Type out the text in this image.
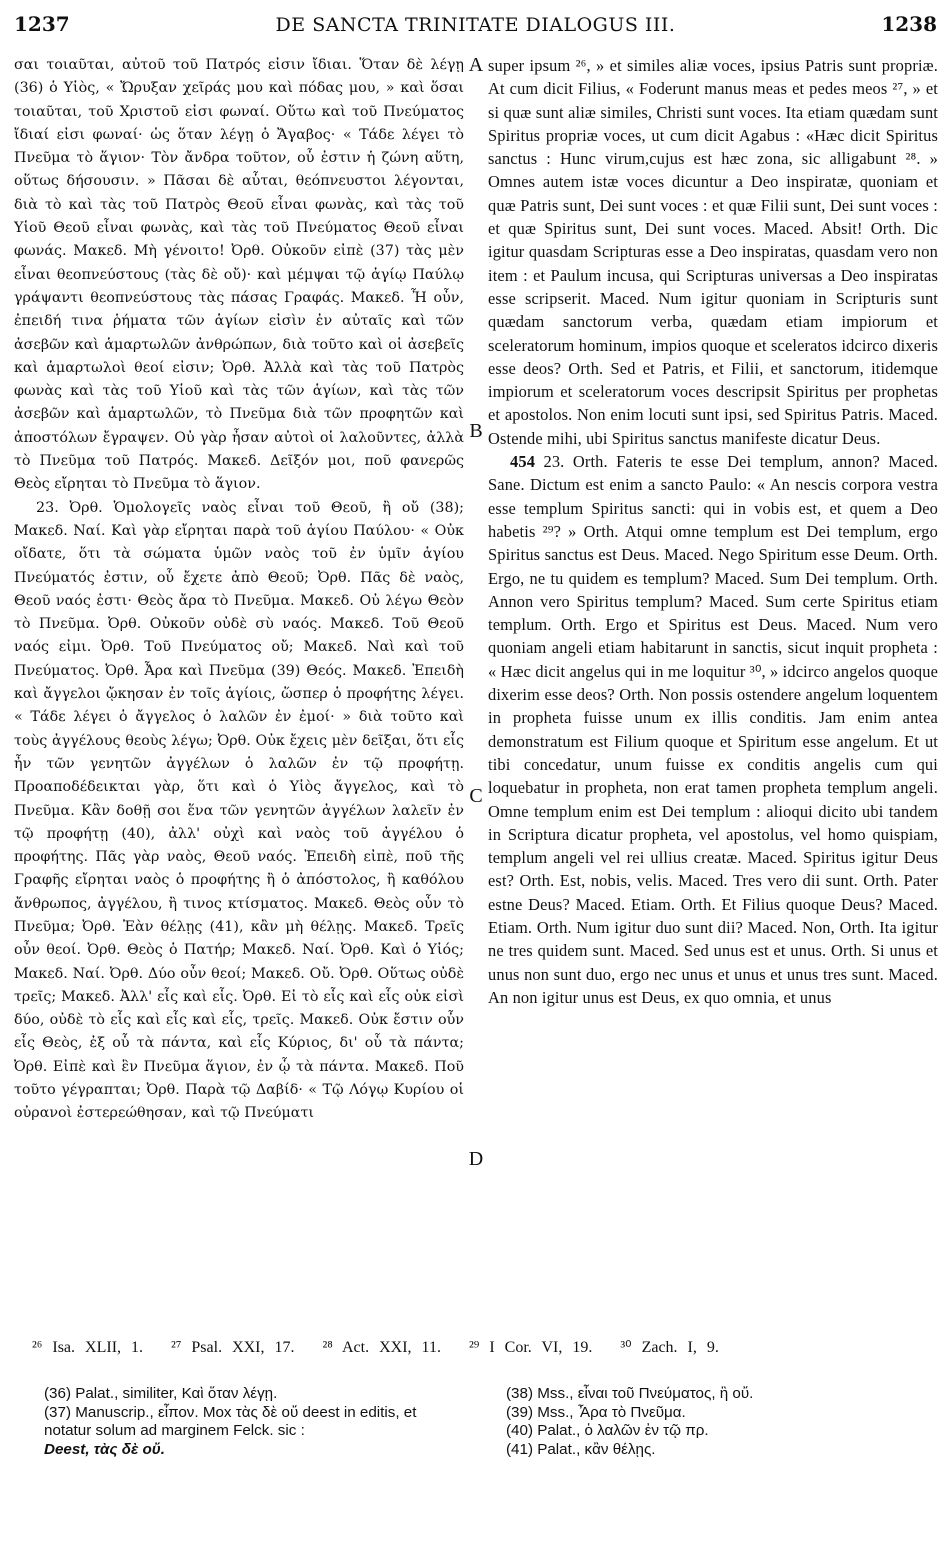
1237	DE SANCTA TRINITATE DIALOGUS III.	1238

σαι τοιαῦται, αὐτοῦ τοῦ Πατρός εἰσιν ἴδιαι. Ὅταν δὲ λέγῃ (36) ὁ Υἱὸς, « Ὤρυξαν χεῖράς μου καὶ πόδας μου, » καὶ ὅσαι τοιαῦται, τοῦ Χριστοῦ εἰσι φωναί. Οὕτω καὶ τοῦ Πνεύματος ἴδιαί εἰσι φωναί· ὡς ὅταν λέγῃ ὁ Ἄγαβος· « Τάδε λέγει τὸ Πνεῦμα τὸ ἅγιον· Τὸν ἄνδρα τοῦτον, οὗ ἐστιν ἡ ζώνη αὕτη, οὕτως δήσουσιν. » Πᾶσαι δὲ αὗται, θεόπνευστοι λέγονται, διὰ τὸ καὶ τὰς τοῦ Πατρὸς Θεοῦ εἶναι φωνὰς, καὶ τὰς τοῦ Υἱοῦ Θεοῦ εἶναι φωνὰς, καὶ τὰς τοῦ Πνεύματος Θεοῦ εἶναι φωνάς. Μακεδ. Μὴ γένοιτο! Ὀρθ. Οὐκοῦν εἰπὲ (37) τὰς μὲν εἶναι θεοπνεύστους (τὰς δὲ οὔ)· καὶ μέμψαι τῷ ἁγίῳ Παύλῳ γράψαντι θεοπνεύστους τὰς πάσας Γραφάς. Μακεδ. Ἦ οὖν, ἐπειδή τινα ῥήματα τῶν ἁγίων εἰσὶν ἐν αὐταῖς καὶ τῶν ἀσεβῶν καὶ ἁμαρτωλῶν ἀνθρώπων, διὰ τοῦτο καὶ οἱ ἀσεβεῖς καὶ ἁμαρτωλοὶ θεοί εἰσιν; Ὀρθ. Ἀλλὰ καὶ τὰς τοῦ Πατρὸς φωνὰς καὶ τὰς τοῦ Υἱοῦ καὶ τὰς τῶν ἁγίων, καὶ τὰς τῶν ἀσεβῶν καὶ ἁμαρτωλῶν, τὸ Πνεῦμα διὰ τῶν προφητῶν καὶ ἀποστόλων ἔγραψεν. Οὐ γὰρ ἦσαν αὐτοὶ οἱ λαλοῦντες, ἀλλὰ τὸ Πνεῦμα τοῦ Πατρός. Μακεδ. Δεῖξόν μοι, ποῦ φανερῶς Θεὸς εἴρηται τὸ Πνεῦμα τὸ ἅγιον.

23. Ὀρθ. Ὁμολογεῖς ναὸς εἶναι τοῦ Θεοῦ, ἢ οὔ (38); Μακεδ. Ναί. Καὶ γὰρ εἴρηται παρὰ τοῦ ἁγίου Παύλου· « Οὐκ οἴδατε, ὅτι τὰ σώματα ὑμῶν ναὸς τοῦ ἐν ὑμῖν ἁγίου Πνεύματός ἐστιν, οὗ ἔχετε ἀπὸ Θεοῦ; Ὀρθ. Πᾶς δὲ ναὸς, Θεοῦ ναός ἐστι· Θεὸς ἄρα τὸ Πνεῦμα. Μακεδ. Οὐ λέγω Θεὸν τὸ Πνεῦμα. Ὀρθ. Οὐκοῦν οὐδὲ σὺ ναός. Μακεδ. Τοῦ Θεοῦ ναός εἰμι. Ὀρθ. Τοῦ Πνεύματος οὔ; Μακεδ. Ναὶ καὶ τοῦ Πνεύματος. Ὀρθ. Ἆρα καὶ Πνεῦμα (39) Θεός. Μακεδ. Ἐπειδὴ καὶ ἄγγελοι ᾤκησαν ἐν τοῖς ἁγίοις, ὥσπερ ὁ προφήτης λέγει. « Τάδε λέγει ὁ ἄγγελος ὁ λαλῶν ἐν ἐμοί· » διὰ τοῦτο καὶ τοὺς ἀγγέλους θεοὺς λέγω; Ὀρθ. Οὐκ ἔχεις μὲν δεῖξαι, ὅτι εἷς ἦν τῶν γενητῶν ἀγγέλων ὁ λαλῶν ἐν τῷ προφήτῃ. Προαποδέδεικται γὰρ, ὅτι καὶ ὁ Υἱὸς ἄγγελος, καὶ τὸ Πνεῦμα. Κἂν δοθῇ σοι ἕνα τῶν γενητῶν ἀγγέλων λαλεῖν ἐν τῷ προφήτῃ (40), ἀλλ' οὐχὶ καὶ ναὸς τοῦ ἀγγέλου ὁ προφήτης. Πᾶς γὰρ ναὸς, Θεοῦ ναός. Ἐπειδὴ εἰπὲ, ποῦ τῆς Γραφῆς εἴρηται ναὸς ὁ προφήτης ἢ ὁ ἀπόστολος, ἢ καθόλου ἄνθρωπος, ἀγγέλου, ἢ τινος κτίσματος. Μακεδ. Θεὸς οὖν τὸ Πνεῦμα; Ὀρθ. Ἐὰν θέλῃς (41), κἂν μὴ θέλῃς. Μακεδ. Τρεῖς οὖν θεοί. Ὀρθ. Θεὸς ὁ Πατήρ; Μακεδ. Ναί. Ὀρθ. Καὶ ὁ Υἱός; Μακεδ. Ναί. Ὀρθ. Δύο οὖν θεοί; Μακεδ. Οὔ. Ὀρθ. Οὕτως οὐδὲ τρεῖς; Μακεδ. Ἀλλ' εἷς καὶ εἷς. Ὀρθ. Εἰ τὸ εἷς καὶ εἷς οὐκ εἰσὶ δύο, οὐδὲ τὸ εἷς καὶ εἷς καὶ εἷς, τρεῖς. Μακεδ. Οὐκ ἔστιν οὖν εἷς Θεὸς, ἐξ οὗ τὰ πάντα, καὶ εἷς Κύριος, δι' οὗ τὰ πάντα; Ὀρθ. Εἰπὲ καὶ ἓν Πνεῦμα ἅγιον, ἐν ᾧ τὰ πάντα. Μακεδ. Ποῦ τοῦτο γέγραπται; Ὀρθ. Παρὰ τῷ Δαβίδ· « Τῷ Λόγῳ Κυρίου οἱ οὐρανοὶ ἐστερεώθησαν, καὶ τῷ Πνεύματι

A
B
C
D

super ipsum ²⁶, » et similes aliæ voces, ipsius Patris sunt propriæ. At cum dicit Filius, « Foderunt manus meas et pedes meos ²⁷, » et si quæ sunt aliæ similes, Christi sunt voces. Ita etiam quædam sunt Spiritus propriæ voces, ut cum dicit Agabus : «Hæc dicit Spiritus sanctus : Hunc virum,cujus est hæc zona, sic alligabunt ²⁸. » Omnes autem istæ voces dicuntur a Deo inspiratæ, quoniam et quæ Patris sunt, Dei sunt voces : et quæ Filii sunt, Dei sunt voces : et quæ Spiritus sunt, Dei sunt voces. Maced. Absit! Orth. Dic igitur quasdam Scripturas esse a Deo inspiratas, quasdam vero non item : et Paulum incusa, qui Scripturas universas a Deo inspiratas esse scripserit. Maced. Num igitur quoniam in Scripturis sunt quædam sanctorum verba, quædam etiam impiorum et sceleratorum hominum, impios quoque et sceleratos idcirco dixeris esse deos? Orth. Sed et Patris, et Filii, et sanctorum, itidemque impiorum et sceleratorum voces descripsit Spiritus per prophetas et apostolos. Non enim locuti sunt ipsi, sed Spiritus Patris. Maced. Ostende mihi, ubi Spiritus sanctus manifeste dicatur Deus.

454 23. Orth. Fateris te esse Dei templum, annon? Maced. Sane. Dictum est enim a sancto Paulo: « An nescis corpora vestra esse templum Spiritus sancti: qui in vobis est, et quem a Deo habetis ²⁹? » Orth. Atqui omne templum est Dei templum, ergo Spiritus sanctus est Deus. Maced. Nego Spiritum esse Deum. Orth. Ergo, ne tu quidem es templum? Maced. Sum Dei templum. Orth. Annon vero Spiritus templum? Maced. Sum certe Spiritus etiam templum. Orth. Ergo et Spiritus est Deus. Maced. Num vero quoniam angeli etiam habitarunt in sanctis, sicut inquit propheta : « Hæc dicit angelus qui in me loquitur ³⁰, » idcirco angelos quoque dixerim esse deos? Orth. Non possis ostendere angelum loquentem in propheta fuisse unum ex illis conditis. Jam enim antea demonstratum est Filium quoque et Spiritum esse angelum. Et ut tibi concedatur, unum fuisse ex conditis angelis cum qui loquebatur in propheta, non erat tamen propheta templum angeli. Omne templum enim est Dei templum : alioqui dicito ubi tandem in Scriptura dicatur propheta, vel apostolus, vel homo quispiam, templum angeli vel rei ullius creatæ. Maced. Spiritus igitur Deus est? Orth. Est, nobis, velis. Maced. Tres vero dii sunt. Orth. Pater estne Deus? Maced. Etiam. Orth. Et Filius quoque Deus? Maced. Etiam. Orth. Num igitur duo sunt dii? Maced. Non, Orth. Ita igitur ne tres quidem sunt. Maced. Sed unus est et unus. Orth. Si unus et unus non sunt duo, ergo nec unus et unus et unus tres sunt. Maced. An non igitur unus est Deus, ex quo omnia, et unus

²⁶ Isa. XLII, 1. ²⁷ Psal. XXI, 17. ²⁸ Act. XXI, 11. ²⁹ I Cor. VI, 19. ³⁰ Zach. I, 9.
(36) Palat., similiter, Καὶ ὅταν λέγῃ.
(37) Manuscrip., εἶπον. Mox τὰς δὲ οὔ deest in editis, et notatur solum ad marginem Felck. sic :
Deest, τὰς δὲ οὔ.
(38) Mss., εἶναι τοῦ Πνεύματος, ἢ οὔ.
(39) Mss., Ἆρα τὸ Πνεῦμα.
(40) Palat., ὁ λαλῶν ἐν τῷ πρ.
(41) Palat., κἂν θέλῃς.
